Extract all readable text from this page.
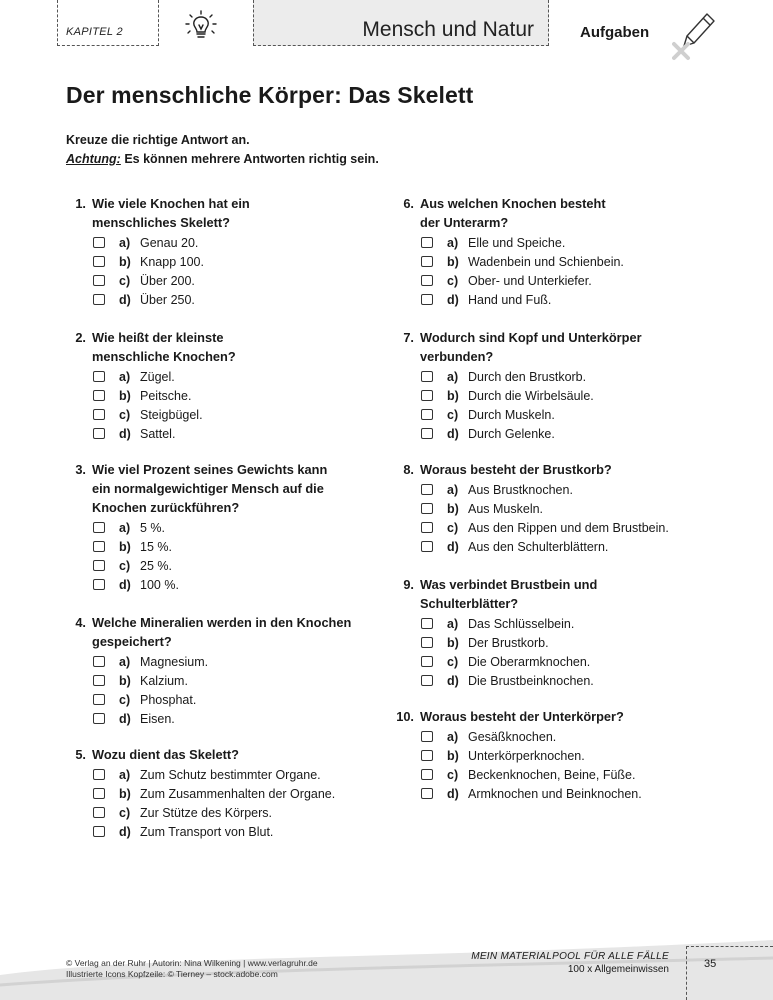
KAPITEL 2	Mensch und Natur	Aufgaben
Der menschliche Körper: Das Skelett
Kreuze die richtige Antwort an.
Achtung: Es können mehrere Antworten richtig sein.
1. Wie viele Knochen hat ein
menschliches Skelett?
a) Genau 20.
b) Knapp 100.
c) Über 200.
d) Über 250.
2. Wie heißt der kleinste
menschliche Knochen?
a) Zügel.
b) Peitsche.
c) Steigbügel.
d) Sattel.
3. Wie viel Prozent seines Gewichts kann
ein normalgewichtiger Mensch auf die
Knochen zurückführen?
a) 5 %.
b) 15 %.
c) 25 %.
d) 100 %.
4. Welche Mineralien werden in den Knochen
gespeichert?
a) Magnesium.
b) Kalzium.
c) Phosphat.
d) Eisen.
5. Wozu dient das Skelett?
a) Zum Schutz bestimmter Organe.
b) Zum Zusammenhalten der Organe.
c) Zur Stütze des Körpers.
d) Zum Transport von Blut.
6. Aus welchen Knochen besteht
der Unterarm?
a) Elle und Speiche.
b) Wadenbein und Schienbein.
c) Ober- und Unterkiefer.
d) Hand und Fuß.
7. Wodurch sind Kopf und Unterkörper
verbunden?
a) Durch den Brustkorb.
b) Durch die Wirbelsäule.
c) Durch Muskeln.
d) Durch Gelenke.
8. Woraus besteht der Brustkorb?
a) Aus Brustknochen.
b) Aus Muskeln.
c) Aus den Rippen und dem Brustbein.
d) Aus den Schulterblättern.
9. Was verbindet Brustbein und
Schulterblätter?
a) Das Schlüsselbein.
b) Der Brustkorb.
c) Die Oberarmknochen.
d) Die Brustbeinknochen.
10. Woraus besteht der Unterkörper?
a) Gesäßknochen.
b) Unterkörperknochen.
c) Beckenknochen, Beine, Füße.
d) Armknochen und Beinknochen.
© Verlag an der Ruhr | Autorin: Nina Wilkening | www.verlagruhr.de
Illustrierte Icons Kopfzeile: © Tierney – stock.adobe.com
MEIN MATERIALPOOL FÜR ALLE FÄLLE
100 x Allgemeinwissen	35
